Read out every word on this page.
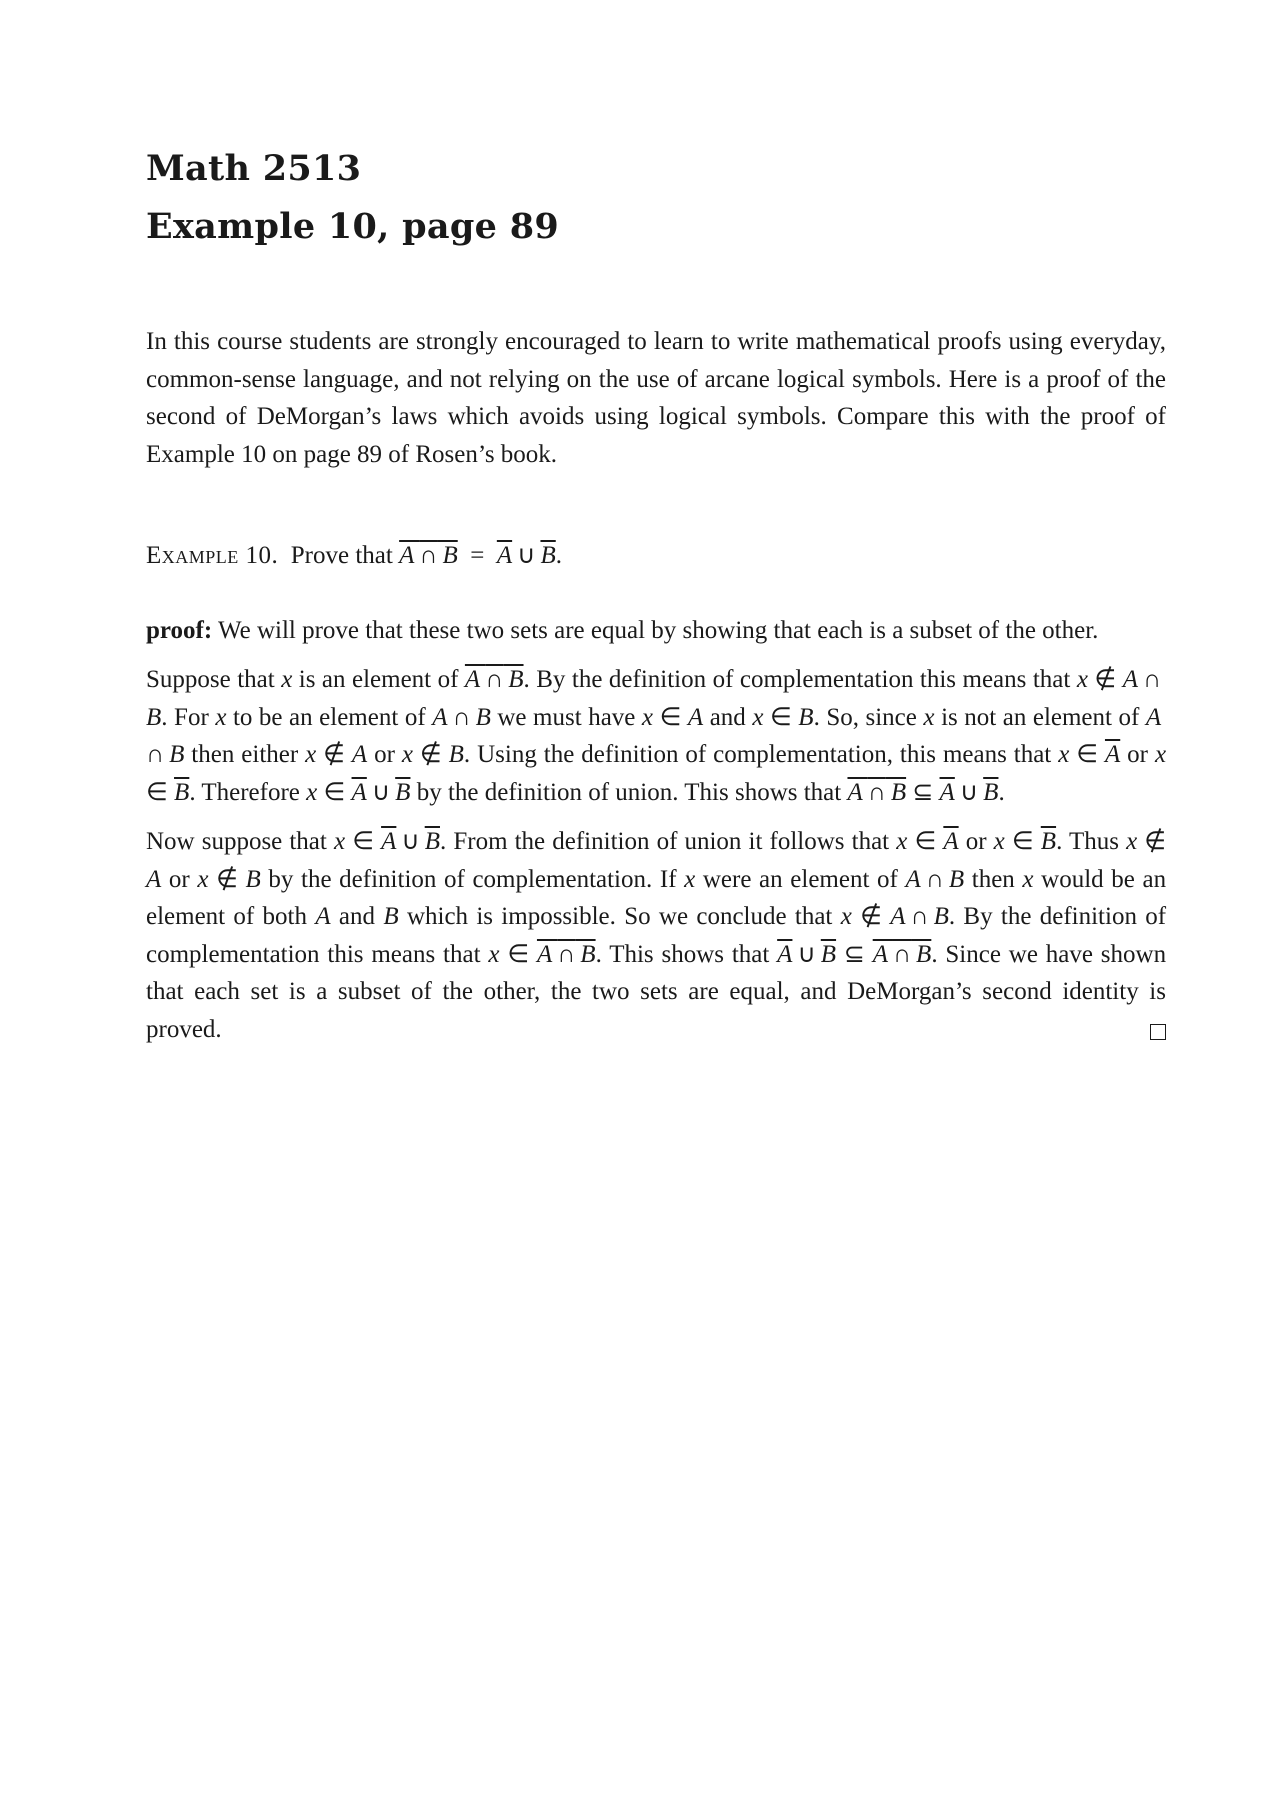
Math 2513
Example 10, page 89

In this course students are strongly encouraged to learn to write mathematical proofs using everyday, common-sense language, and not relying on the use of arcane logical symbols. Here is a proof of the second of DeMorgan’s laws which avoids using logical symbols. Compare this with the proof of Example 10 on page 89 of Rosen’s book.

Example 10. Prove that A ∩ $B = \overline{A}$  ∪  $\overline{B}$.

proof: We will prove that these two sets are equal by showing that each is a subset of the other.

Suppose that x is an element of A ∩ B. By the definition of complementation this means that x ∉ A  ∩ B. For x to be an element of A  ∩  B we must have x ∈ A and x ∈ B. So, since x is not an element of A ∩  B then either x ∉ A or x ∉ B. Using the definition of complementation, this means that x ∈ $\overline{A}$ or x ∈ $\overline{B}$. Therefore x ∈ $\overline{A}$  ∪  $\overline{B}$ by the definition of union. This shows that A ∩ B ⊆ $\overline{A}$  ∪  $\overline{B}$.

Now suppose that x ∈ $\overline{A}$  ∪  $\overline{B}$. From the definition of union it follows that x ∈ $\overline{A}$ or x ∈ $\overline{B}$. Thus x ∉ A or x ∉ B by the definition of complementation. If x were an element of A  ∩  B then x would be an element of both A and B which is impossible. So we conclude that x ∉ A  ∩  B. By the definition of complementation this means that x ∈ A ∩ B. This shows that $\overline{A}$  ∪  $\overline{B}$ ⊆ A ∩ B. Since we have shown that each set is a subset of the other, the two sets are equal, and DeMorgan’s second identity is proved.
